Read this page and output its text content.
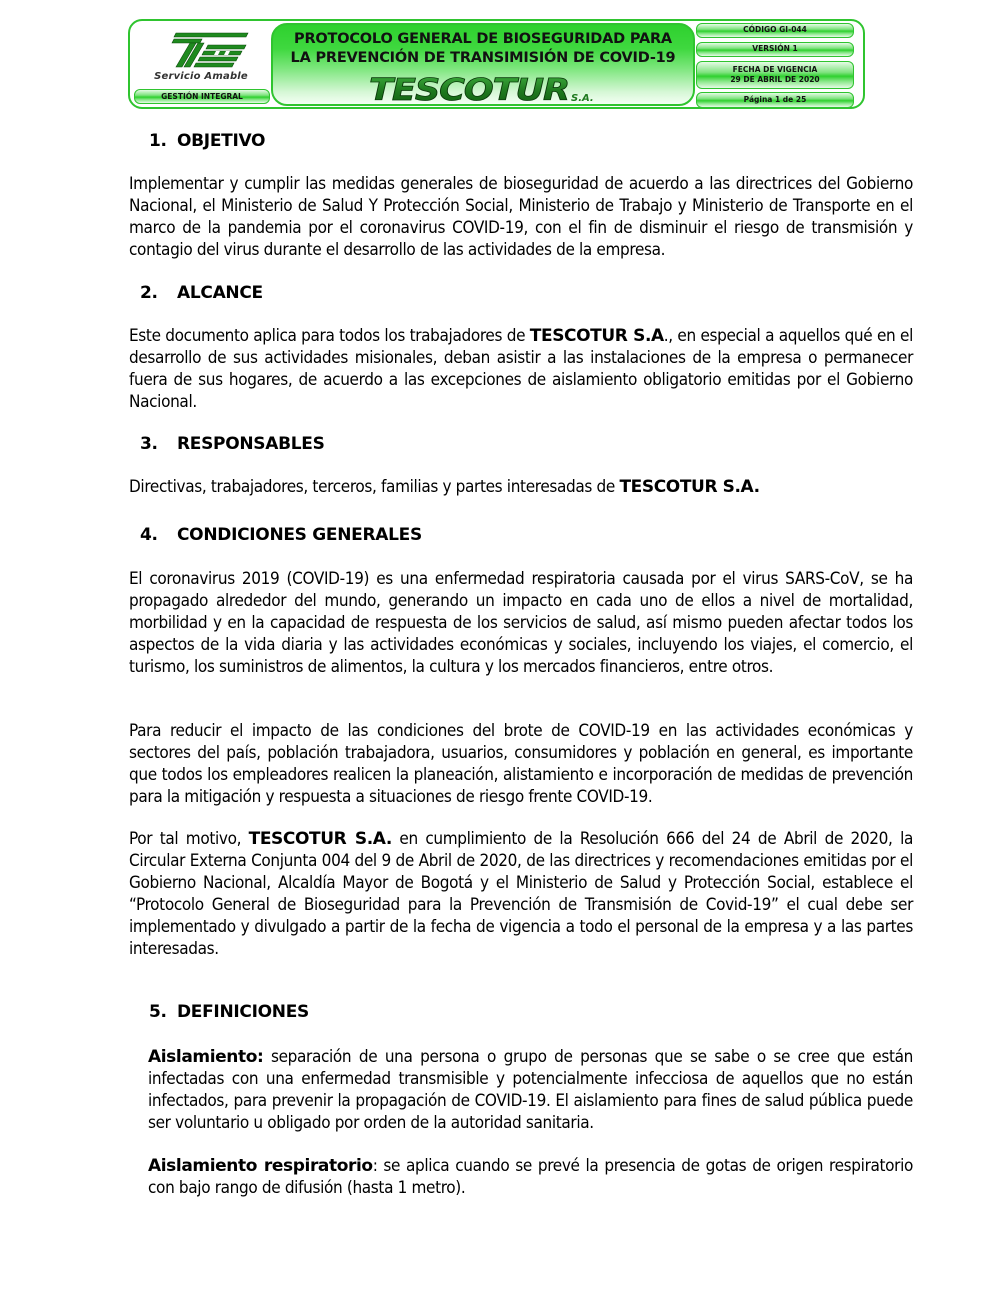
Servicio Amable
GESTIÓN INTEGRAL
PROTOCOLO GENERAL DE BIOSEGURIDAD PARA
LA PREVENCIÓN DE TRANSIMISIÓN DE COVID-19
TESCOTUR S.A.
CÓDIGO GI-044
VERSIÓN 1
FECHA DE VIGENCIA
29 DE ABRIL DE 2020
Página 1 de 25
1. OBJETIVO
Implementar y cumplir las medidas generales de bioseguridad de acuerdo a las directrices del Gobierno Nacional, el Ministerio de Salud Y Protección Social, Ministerio de Trabajo y Ministerio de Transporte en el marco de la pandemia por el coronavirus COVID-19, con el fin de disminuir el riesgo de transmisión y contagio del virus durante el desarrollo de las actividades de la empresa.
2. ALCANCE
Este documento aplica para todos los trabajadores de TESCOTUR S.A., en especial a aquellos qué en el desarrollo de sus actividades misionales, deban asistir a las instalaciones de la empresa o permanecer fuera de sus hogares, de acuerdo a las excepciones de aislamiento obligatorio emitidas por el Gobierno Nacional.
3. RESPONSABLES
Directivas, trabajadores, terceros, familias y partes interesadas de TESCOTUR S.A.
4. CONDICIONES GENERALES
El coronavirus 2019 (COVID-19) es una enfermedad respiratoria causada por el virus SARS-CoV, se ha propagado alrededor del mundo, generando un impacto en cada uno de ellos a nivel de mortalidad, morbilidad y en la capacidad de respuesta de los servicios de salud, así mismo pueden afectar todos los aspectos de la vida diaria y las actividades económicas y sociales, incluyendo los viajes, el comercio, el turismo, los suministros de alimentos, la cultura y los mercados financieros, entre otros.
Para reducir el impacto de las condiciones del brote de COVID-19 en las actividades económicas y sectores del país, población trabajadora, usuarios, consumidores y población en general, es importante que todos los empleadores realicen la planeación, alistamiento e incorporación de medidas de prevención para la mitigación y respuesta a situaciones de riesgo frente COVID-19.
Por tal motivo, TESCOTUR S.A. en cumplimiento de la Resolución 666 del 24 de Abril de 2020, la Circular Externa Conjunta 004 del 9 de Abril de 2020, de las directrices y recomendaciones emitidas por el Gobierno Nacional, Alcaldía Mayor de Bogotá y el Ministerio de Salud y Protección Social, establece el “Protocolo General de Bioseguridad para la Prevención de Transmisión de Covid-19” el cual debe ser implementado y divulgado a partir de la fecha de vigencia a todo el personal de la empresa y a las partes interesadas.
5. DEFINICIONES
Aislamiento: separación de una persona o grupo de personas que se sabe o se cree que están infectadas con una enfermedad transmisible y potencialmente infecciosa de aquellos que no están infectados, para prevenir la propagación de COVID-19. El aislamiento para fines de salud pública puede ser voluntario u obligado por orden de la autoridad sanitaria.
Aislamiento respiratorio: se aplica cuando se prevé la presencia de gotas de origen respiratorio con bajo rango de difusión (hasta 1 metro).
